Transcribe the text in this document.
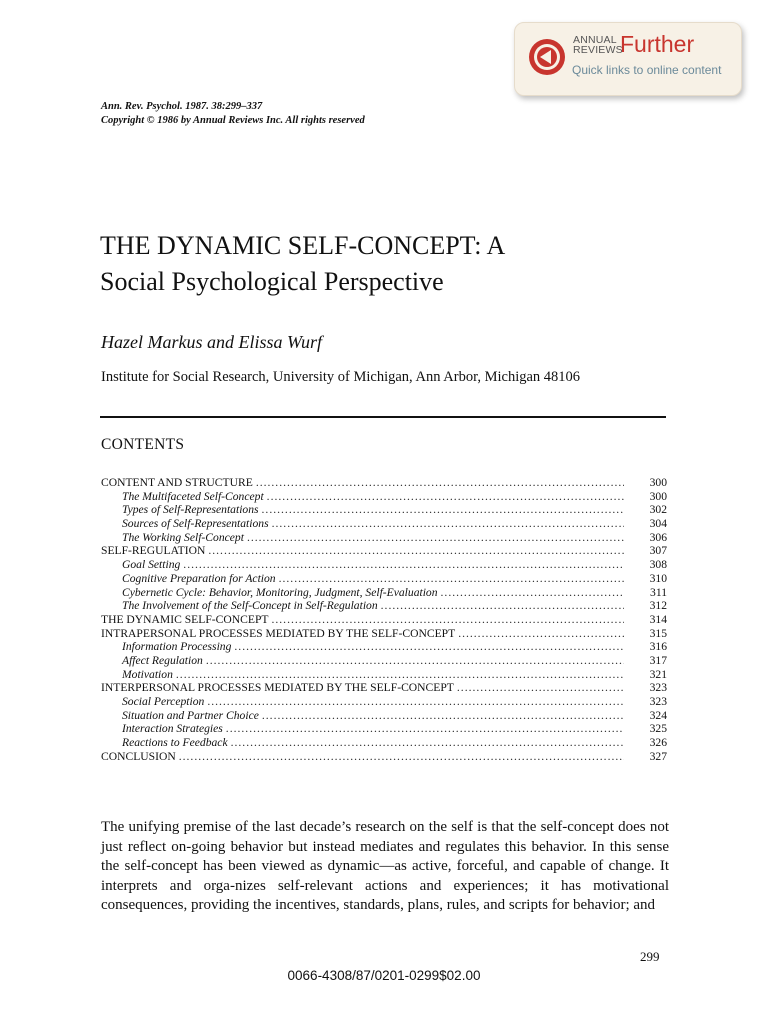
ANNUAL
REVIEWS
Further
Quick links to online content
Ann. Rev. Psychol. 1987. 38:299–337
Copyright © 1986 by Annual Reviews Inc. All rights reserved
THE DYNAMIC SELF-CONCEPT: A
Social Psychological Perspective
Hazel Markus and Elissa Wurf
Institute for Social Research, University of Michigan, Ann Arbor, Michigan 48106
CONTENTS
CONTENT AND STRUCTURE .....	300
The Multifaceted Self-Concept .....	300
Types of Self-Representations .....	302
Sources of Self-Representations .....	304
The Working Self-Concept .....	306
SELF-REGULATION .....	307
Goal Setting .....	308
Cognitive Preparation for Action .....	310
Cybernetic Cycle: Behavior, Monitoring, Judgment, Self-Evaluation .....	311
The Involvement of the Self-Concept in Self-Regulation .....	312
THE DYNAMIC SELF-CONCEPT .....	314
INTRAPERSONAL PROCESSES MEDIATED BY THE SELF-CONCEPT .....	315
Information Processing .....	316
Affect Regulation .....	317
Motivation .....	321
INTERPERSONAL PROCESSES MEDIATED BY THE SELF-CONCEPT .....	323
Social Perception .....	323
Situation and Partner Choice .....	324
Interaction Strategies .....	325
Reactions to Feedback .....	326
CONCLUSION .....	327

The unifying premise of the last decade’s research on the self is that the self-concept does not just reflect on-going behavior but instead mediates and regulates this behavior. In this sense the self-concept has been viewed as dynamic—as active, forceful, and capable of change. It interprets and orga-nizes self-relevant actions and experiences; it has motivational consequences, providing the incentives, standards, plans, rules, and scripts for behavior; and

299
0066-4308/87/0201-0299$02.00
